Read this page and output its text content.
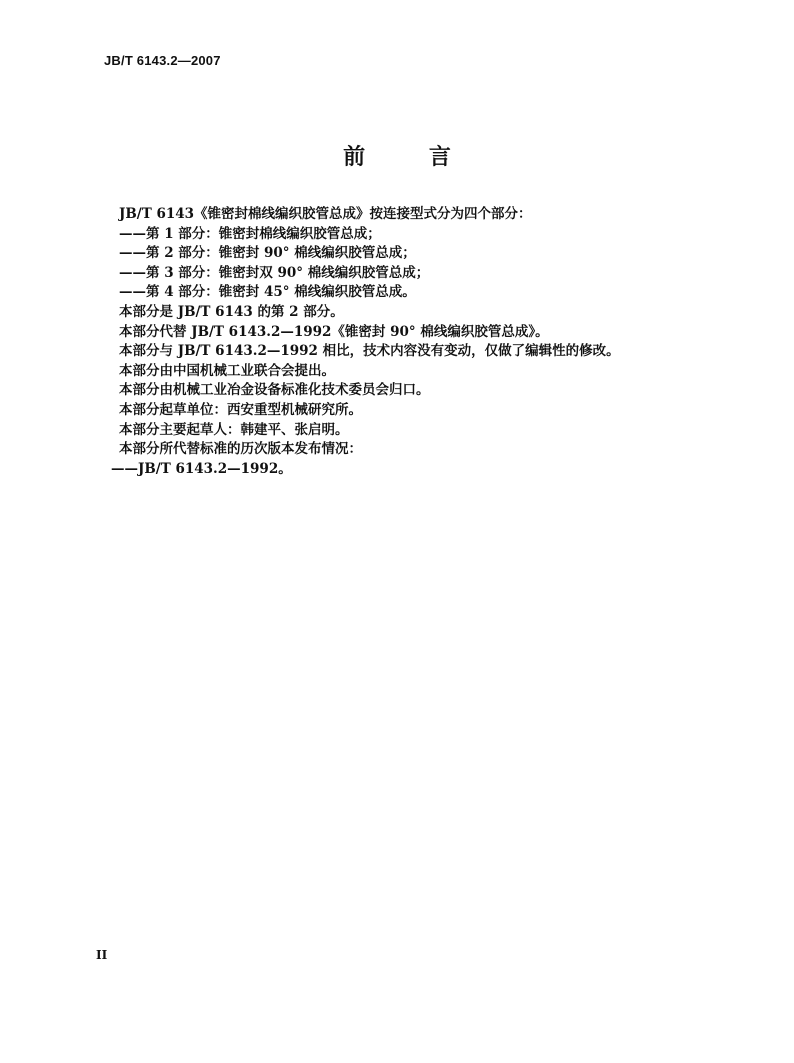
JB/T 6143.2—2007
前 言
JB/T 6143《锥密封棉线编织胶管总成》按连接型式分为四个部分：
——第 1 部分：锥密封棉线编织胶管总成；
——第 2 部分：锥密封 90° 棉线编织胶管总成；
——第 3 部分：锥密封双 90° 棉线编织胶管总成；
——第 4 部分：锥密封 45° 棉线编织胶管总成。
本部分是 JB/T 6143 的第 2 部分。
本部分代替 JB/T 6143.2—1992《锥密封 90° 棉线编织胶管总成》。
本部分与 JB/T 6143.2—1992 相比，技术内容没有变动，仅做了编辑性的修改。
本部分由中国机械工业联合会提出。
本部分由机械工业冶金设备标准化技术委员会归口。
本部分起草单位：西安重型机械研究所。
本部分主要起草人：韩建平、张启明。
本部分所代替标准的历次版本发布情况：
——JB/T 6143.2—1992。
II
